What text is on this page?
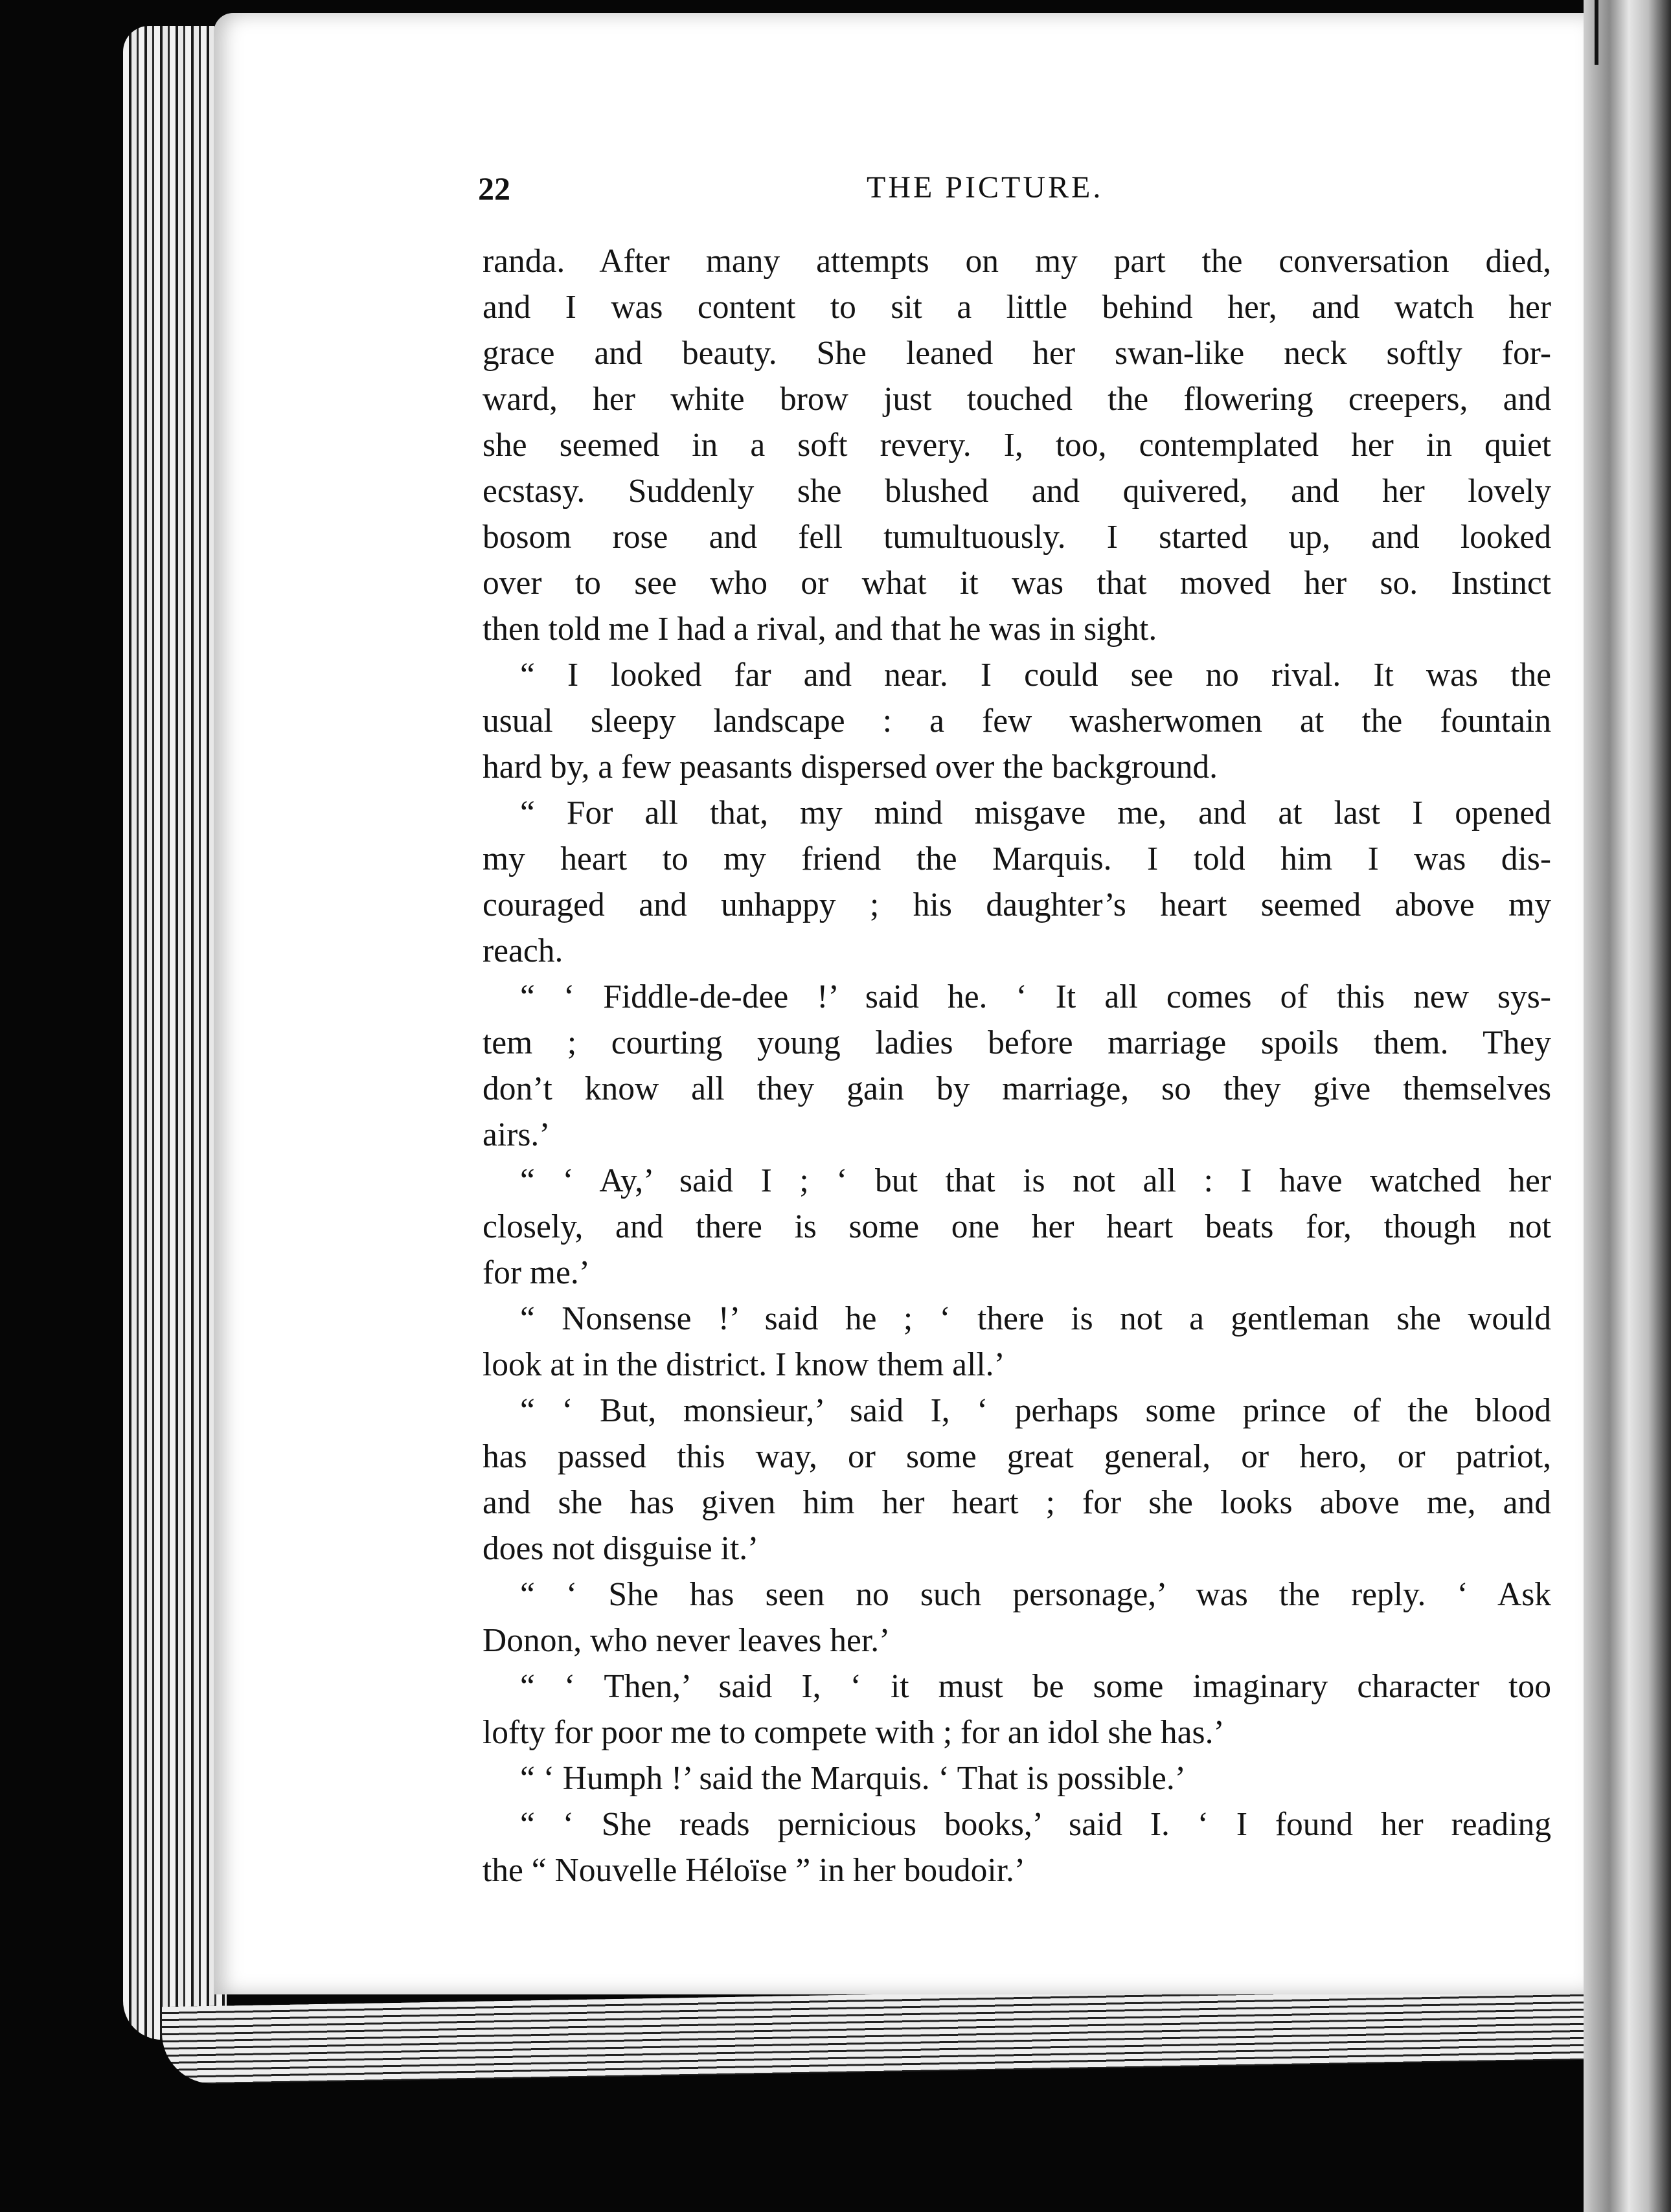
22	THE PICTURE.

randa. After many attempts on my part the conversation died,

and I was content to sit a little behind her, and watch her

grace and beauty. She leaned her swan-like neck softly for-

ward, her white brow just touched the flowering creepers, and

she seemed in a soft revery. I, too, contemplated her in quiet

ecstasy. Suddenly she blushed and quivered, and her lovely

bosom rose and fell tumultuously. I started up, and looked

over to see who or what it was that moved her so. Instinct

then told me I had a rival, and that he was in sight.

“ I looked far and near. I could see no rival. It was the

usual sleepy landscape : a few washerwomen at the fountain

hard by, a few peasants dispersed over the background.

“ For all that, my mind misgave me, and at last I opened

my heart to my friend the Marquis. I told him I was dis-

couraged and unhappy ; his daughter’s heart seemed above my

reach.

“ ‘ Fiddle-de-dee !’ said he. ‘ It all comes of this new sys-

tem ; courting young ladies before marriage spoils them. They

don’t know all they gain by marriage, so they give themselves

airs.’

“ ‘ Ay,’ said I ; ‘ but that is not all : I have watched her

closely, and there is some one her heart beats for, though not

for me.’

“ Nonsense !’ said he ; ‘ there is not a gentleman she would

look at in the district. I know them all.’

“ ‘ But, monsieur,’ said I, ‘ perhaps some prince of the blood

has passed this way, or some great general, or hero, or patriot,

and she has given him her heart ; for she looks above me, and

does not disguise it.’

“ ‘ She has seen no such personage,’ was the reply. ‘ Ask

Donon, who never leaves her.’

“ ‘ Then,’ said I, ‘ it must be some imaginary character too

lofty for poor me to compete with ; for an idol she has.’

“ ‘ Humph !’ said the Marquis. ‘ That is possible.’

“ ‘ She reads pernicious books,’ said I. ‘ I found her reading

the “ Nouvelle Héloïse ” in her boudoir.’
